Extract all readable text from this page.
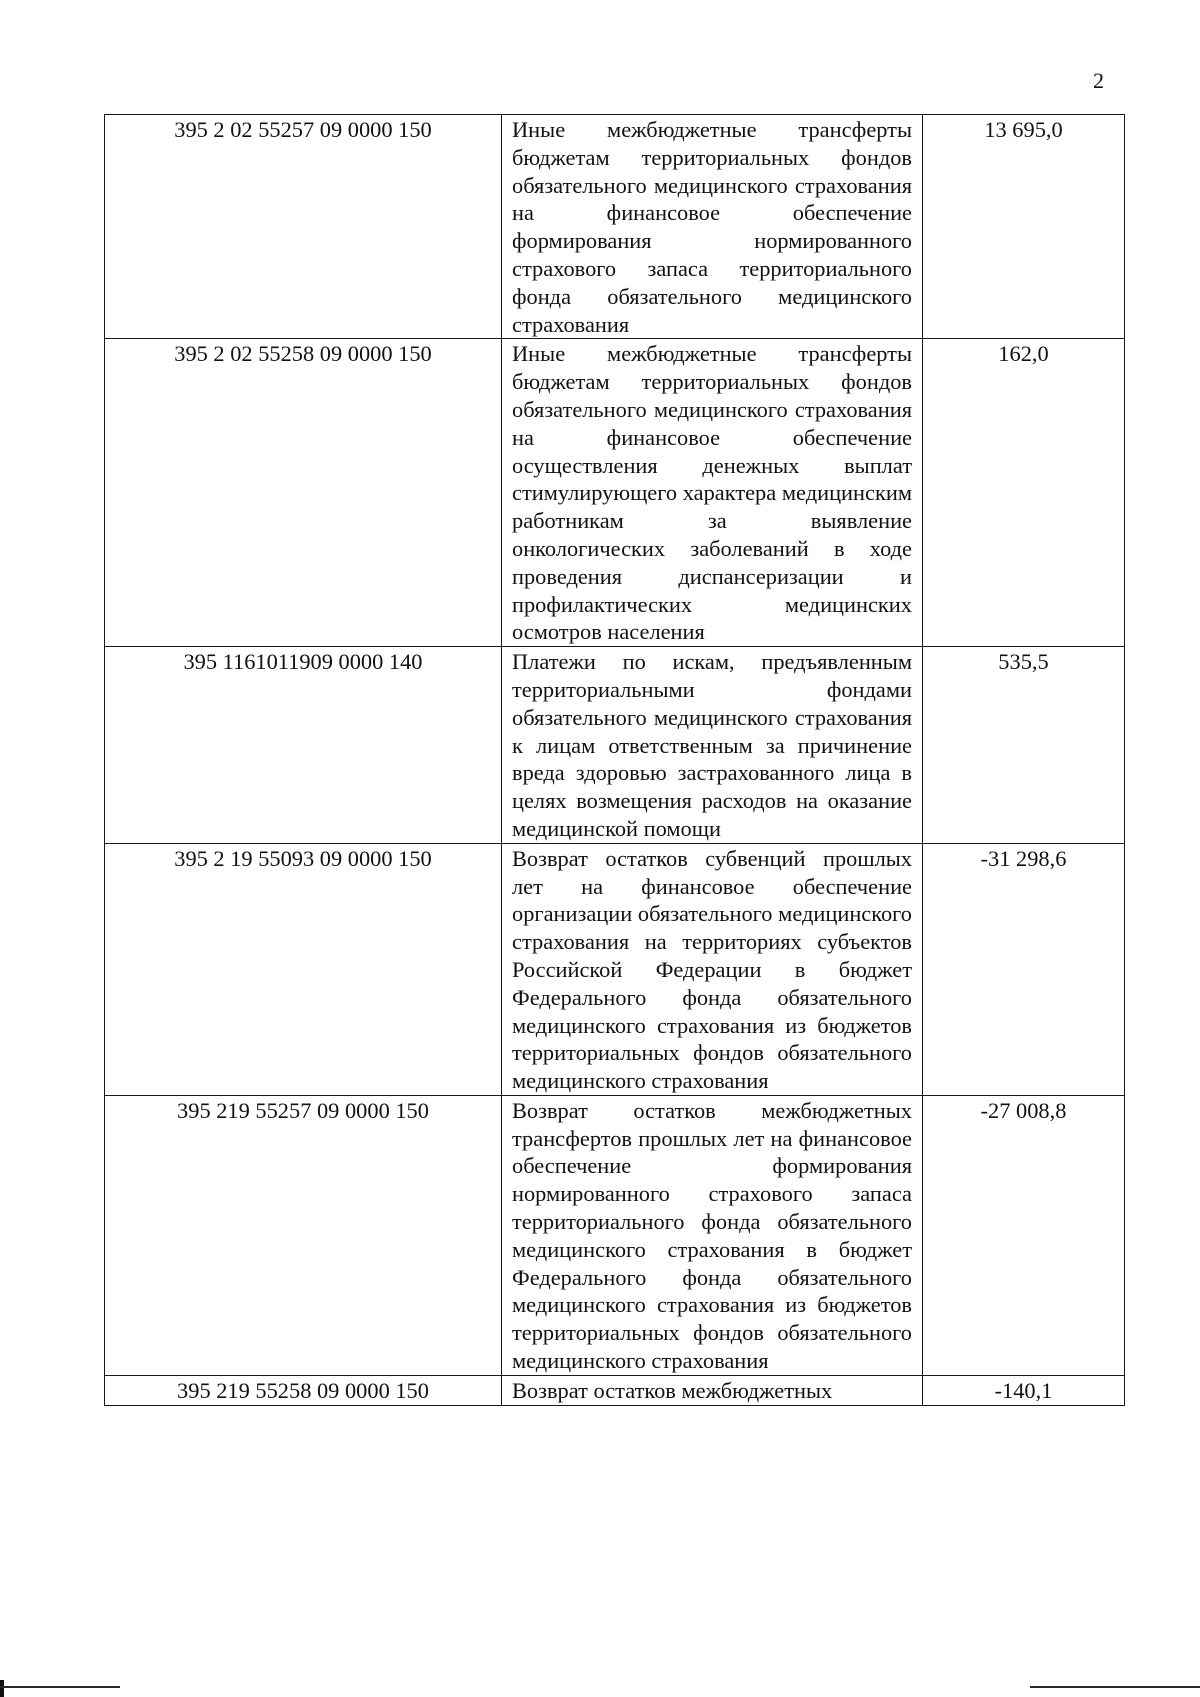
2
395 2 02 55257 09 0000 150	Иные межбюджетные трансферты бюджетам территориальных фондов обязательного медицинского страхования на финансовое обеспечение формирования нормированного страхового запаса территориального фонда обязательного медицинского страхования	13 695,0
395 2 02 55258 09 0000 150	Иные межбюджетные трансферты бюджетам территориальных фондов обязательного медицинского страхования на финансовое обеспечение осуществления денежных выплат стимулирующего характера медицинским работникам за выявление онкологических заболеваний в ходе проведения диспансеризации и профилактических медицинских осмотров населения	162,0
395 1161011909 0000 140	Платежи по искам, предъявленным территориальными фондами обязательного медицинского страхования к лицам ответственным за причинение вреда здоровью застрахованного лица в целях возмещения расходов на оказание медицинской помощи	535,5
395 2 19 55093 09 0000 150	Возврат остатков субвенций прошлых лет на финансовое обеспечение организации обязательного медицинского страхования на территориях субъектов Российской Федерации в бюджет Федерального фонда обязательного медицинского страхования из бюджетов территориальных фондов обязательного медицинского страхования	-31 298,6
395 219 55257 09 0000 150	Возврат остатков межбюджетных трансфертов прошлых лет на финансовое обеспечение формирования нормированного страхового запаса территориального фонда обязательного медицинского страхования в бюджет Федерального фонда обязательного медицинского страхования из бюджетов территориальных фондов обязательного медицинского страхования	-27 008,8
395 219 55258 09 0000 150	Возврат остатков межбюджетных	-140,1
